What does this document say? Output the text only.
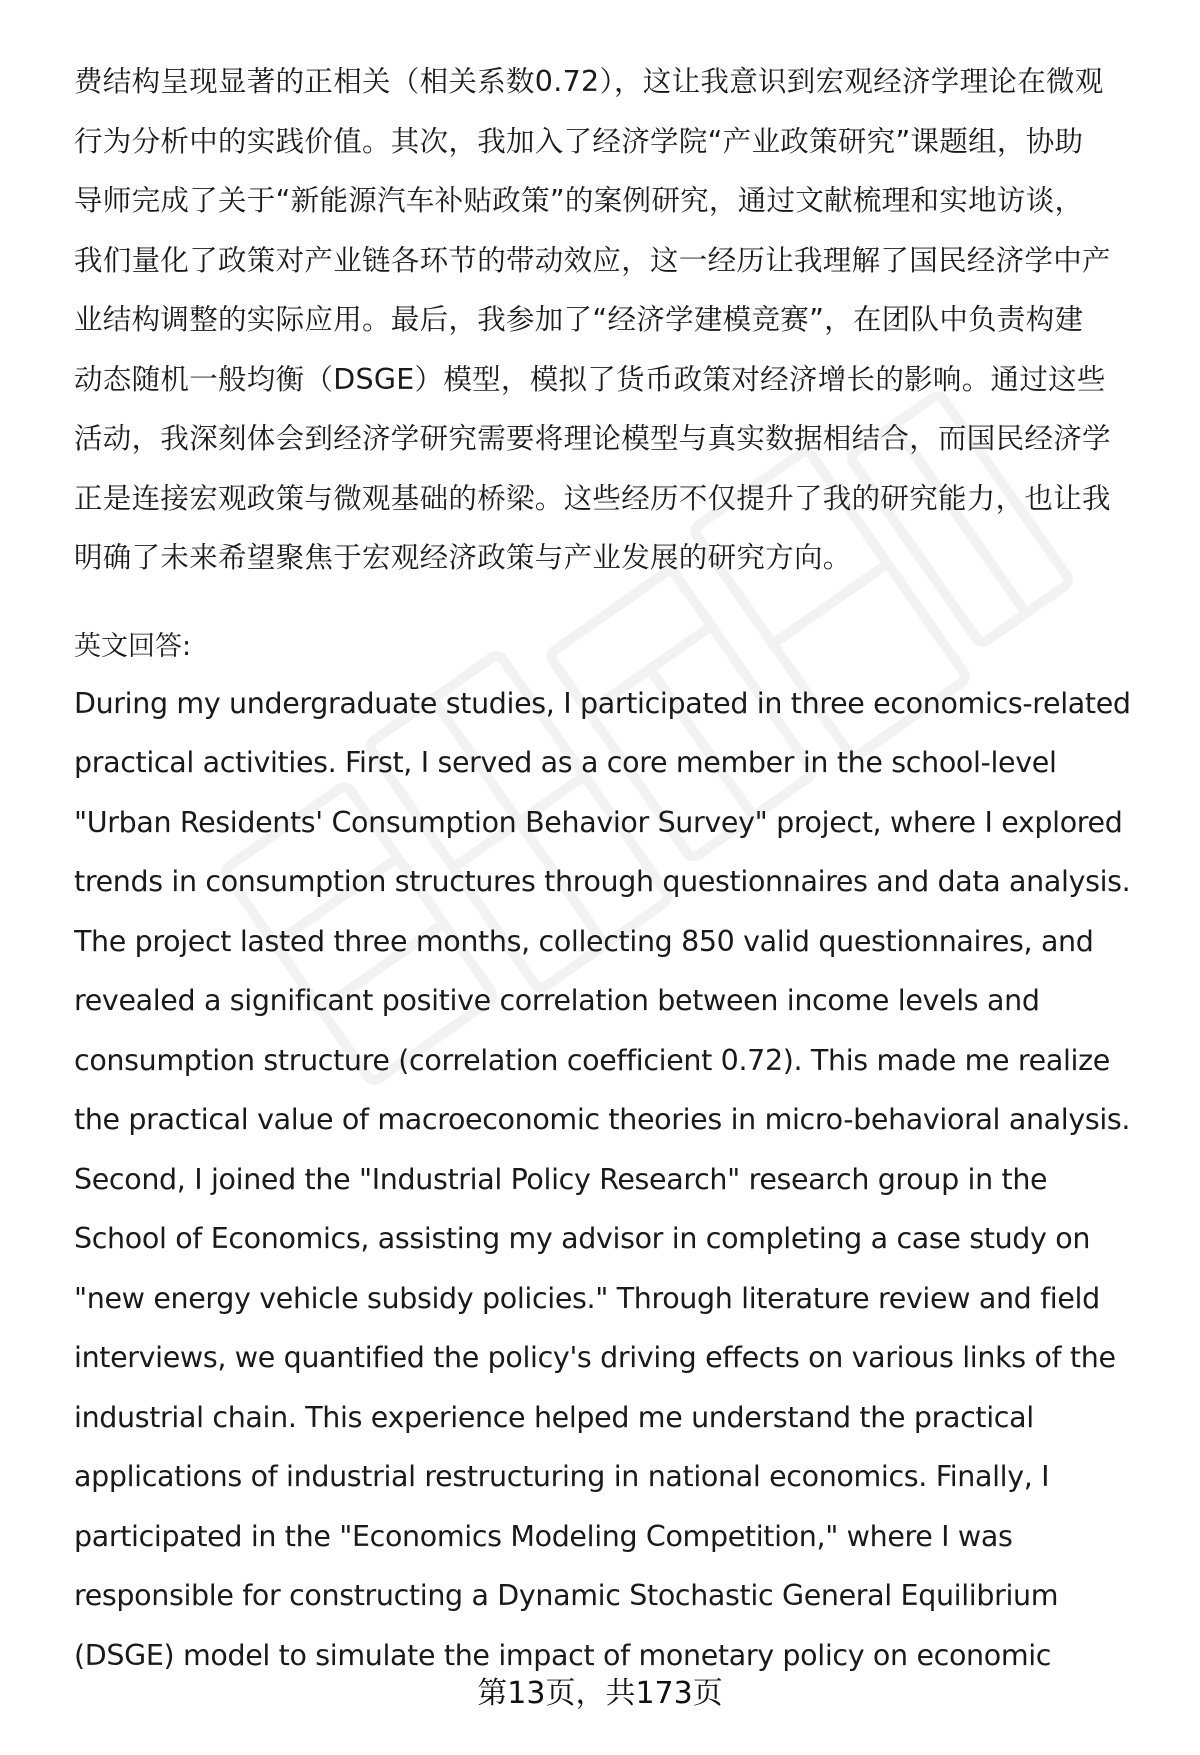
费结构呈现显著的正相关（相关系数0.72），这让我意识到宏观经济学理论在微观

行为分析中的实践价值。其次，我加入了经济学院“产业政策研究”课题组，协助

导师完成了关于“新能源汽车补贴政策”的案例研究，通过文献梳理和实地访谈，

我们量化了政策对产业链各环节的带动效应，这一经历让我理解了国民经济学中产

业结构调整的实际应用。最后，我参加了“经济学建模竞赛”，在团队中负责构建

动态随机一般均衡（DSGE）模型，模拟了货币政策对经济增长的影响。通过这些

活动，我深刻体会到经济学研究需要将理论模型与真实数据相结合，而国民经济学

正是连接宏观政策与微观基础的桥梁。这些经历不仅提升了我的研究能力，也让我

明确了未来希望聚焦于宏观经济政策与产业发展的研究方向。

英文回答:

During my undergraduate studies, I participated in three economics-related

practical activities. First, I served as a core member in the school-level

"Urban Residents' Consumption Behavior Survey" project, where I explored

trends in consumption structures through questionnaires and data analysis.

The project lasted three months, collecting 850 valid questionnaires, and

revealed a significant positive correlation between income levels and

consumption structure (correlation coefficient 0.72). This made me realize

the practical value of macroeconomic theories in micro-behavioral analysis.

Second, I joined the "Industrial Policy Research" research group in the

School of Economics, assisting my advisor in completing a case study on

"new energy vehicle subsidy policies." Through literature review and field

interviews, we quantified the policy's driving effects on various links of the

industrial chain. This experience helped me understand the practical

applications of industrial restructuring in national economics. Finally, I

participated in the "Economics Modeling Competition," where I was

responsible for constructing a Dynamic Stochastic General Equilibrium

(DSGE) model to simulate the impact of monetary policy on economic

第13页，共173页
